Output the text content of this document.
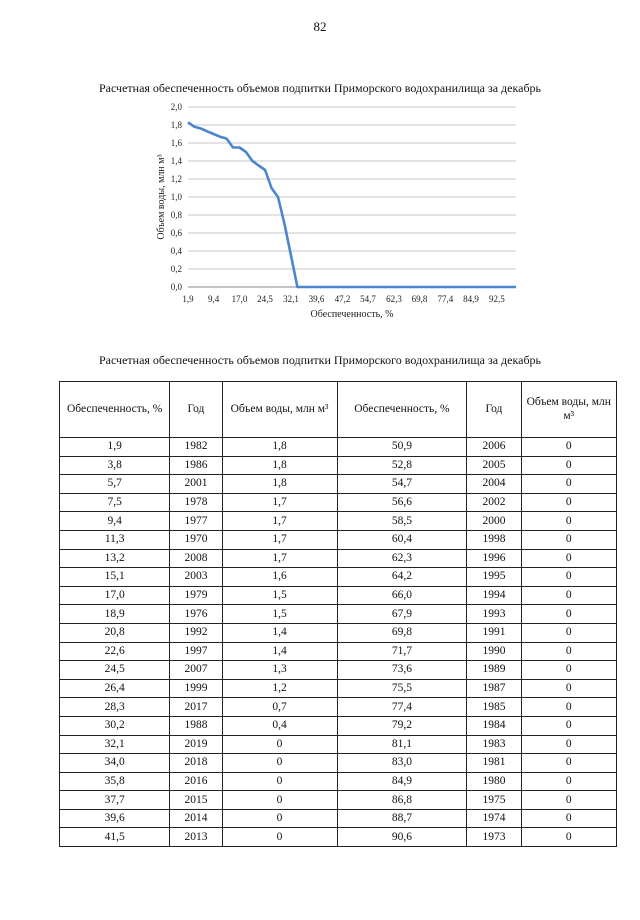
82
Расчетная обеспеченность объемов подпитки Приморского водохранилища за декабрь
0,0
0,2
0,4
0,6
0,8
1,0
1,2
1,4
1,6
1,8
2,0
1,9 9,4 17,0 24,5 32,1 39,6 47,2 54,7 62,3 69,8 77,4 84,9 92,5
Обеспеченность, %
Объем воды, млн м³
Расчетная обеспеченность объемов подпитки Приморского водохранилища за декабрь
Обеспеченность, %	Год	Объем воды, млн м³	Обеспеченность, %	Год	Объем воды, млн м³
1,9	1982	1,8	50,9	2006	0
3,8	1986	1,8	52,8	2005	0
5,7	2001	1,8	54,7	2004	0
7,5	1978	1,7	56,6	2002	0
9,4	1977	1,7	58,5	2000	0
11,3	1970	1,7	60,4	1998	0
13,2	2008	1,7	62,3	1996	0
15,1	2003	1,6	64,2	1995	0
17,0	1979	1,5	66,0	1994	0
18,9	1976	1,5	67,9	1993	0
20,8	1992	1,4	69,8	1991	0
22,6	1997	1,4	71,7	1990	0
24,5	2007	1,3	73,6	1989	0
26,4	1999	1,2	75,5	1987	0
28,3	2017	0,7	77,4	1985	0
30,2	1988	0,4	79,2	1984	0
32,1	2019	0	81,1	1983	0
34,0	2018	0	83,0	1981	0
35,8	2016	0	84,9	1980	0
37,7	2015	0	86,8	1975	0
39,6	2014	0	88,7	1974	0
41,5	2013	0	90,6	1973	0
